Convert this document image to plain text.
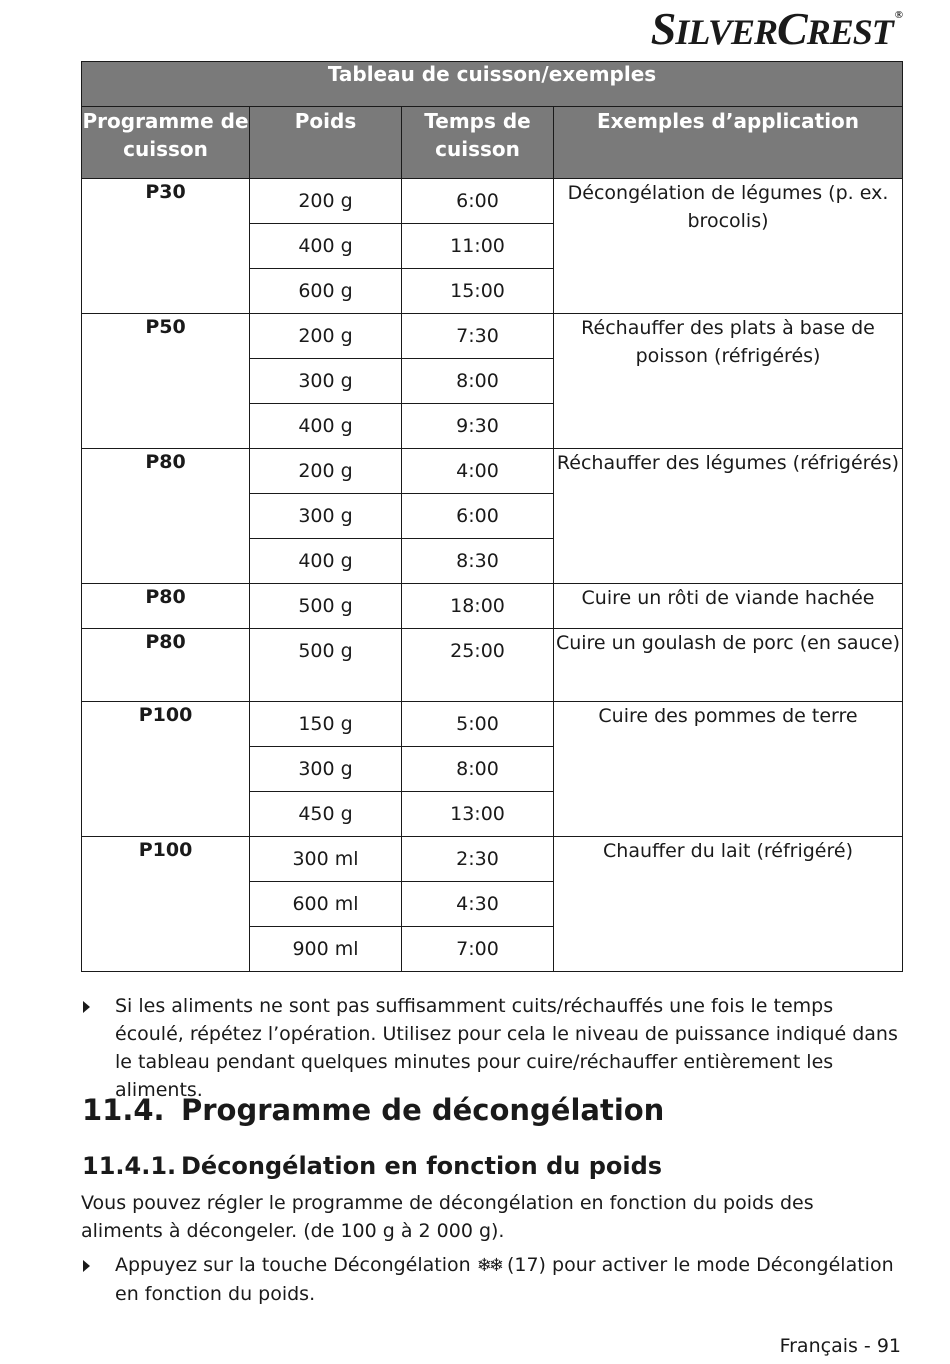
SILVERCREST ®
Tableau de cuisson/exemples			
Programme de cuisson	Poids	Temps de cuisson	Exemples d’application
P30	200 g	6:00	Décongélation de légumes (p. ex. brocolis)
	400 g	11:00	
	600 g	15:00	
P50	200 g	7:30	Réchauffer des plats à base de poisson (réfrigérés)
	300 g	8:00	
	400 g	9:30	
P80	200 g	4:00	Réchauffer des légumes (réfrigérés)
	300 g	6:00	
	400 g	8:30	
P80	500 g	18:00	Cuire un rôti de viande hachée
P80	500 g	25:00	Cuire un goulash de porc (en sauce)
P100	150 g	5:00	Cuire des pommes de terre
	300 g	8:00	
	450 g	13:00	
P100	300 ml	2:30	Chauffer du lait (réfrigéré)
	600 ml	4:30	
	900 ml	7:00	
Si les aliments ne sont pas suffisamment cuits/réchauffés une fois le temps écoulé, répétez l’opération. Utilisez pour cela le niveau de puissance indiqué dans le tableau pendant quelques minutes pour cuire/réchauffer entièrement les aliments.
11.4. Programme de décongélation
11.4.1. Décongélation en fonction du poids
Vous pouvez régler le programme de décongélation en fonction du poids des aliments à décongeler. (de 100 g à 2 000 g).
Appuyez sur la touche Décongélation ❄❄ (17) pour activer le mode Décongélation en fonction du poids.
Français - 91
